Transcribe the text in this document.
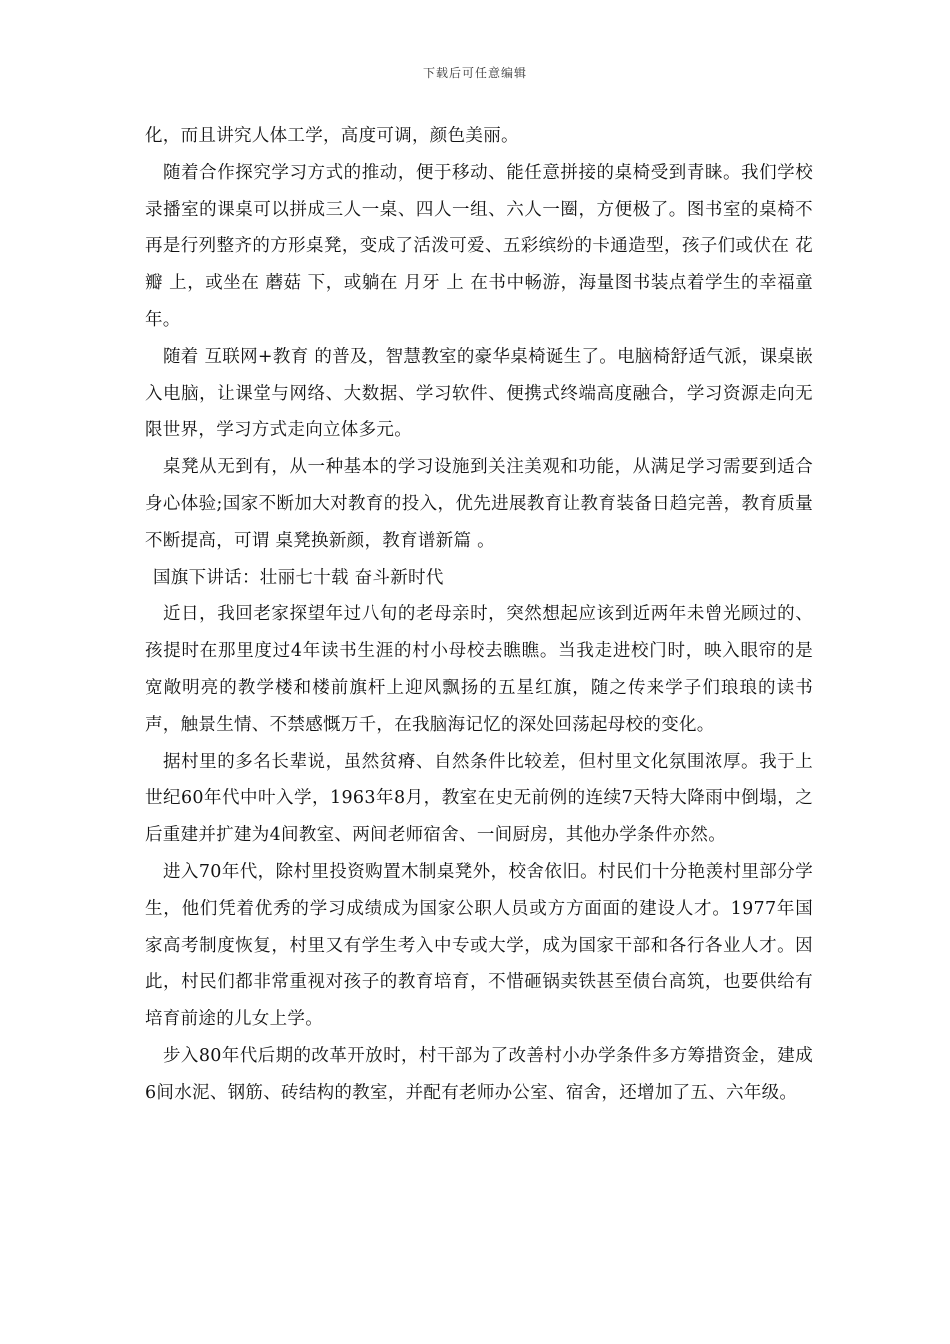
下载后可任意编辑

化，而且讲究人体工学，高度可调，颜色美丽。

随着合作探究学习方式的推动，便于移动、能任意拼接的桌椅受到青睐。我们学校录播室的课桌可以拼成三人一桌、四人一组、六人一圈，方便极了。图书室的桌椅不再是行列整齐的方形桌凳，变成了活泼可爱、五彩缤纷的卡通造型，孩子们或伏在 花瓣 上，或坐在 蘑菇 下，或躺在 月牙 上 在书中畅游，海量图书装点着学生的幸福童年。

随着 互联网+教育 的普及，智慧教室的豪华桌椅诞生了。电脑椅舒适气派，课桌嵌入电脑，让课堂与网络、大数据、学习软件、便携式终端高度融合，学习资源走向无限世界，学习方式走向立体多元。

桌凳从无到有，从一种基本的学习设施到关注美观和功能，从满足学习需要到适合身心体验;国家不断加大对教育的投入，优先进展教育让教育装备日趋完善，教育质量不断提高，可谓 桌凳换新颜，教育谱新篇 。

国旗下讲话：壮丽七十载 奋斗新时代

近日，我回老家探望年过八旬的老母亲时，突然想起应该到近两年未曾光顾过的、孩提时在那里度过4年读书生涯的村小母校去瞧瞧。当我走进校门时，映入眼帘的是宽敞明亮的教学楼和楼前旗杆上迎风飘扬的五星红旗，随之传来学子们琅琅的读书声，触景生情、不禁感慨万千，在我脑海记忆的深处回荡起母校的变化。

据村里的多名长辈说，虽然贫瘠、自然条件比较差，但村里文化氛围浓厚。我于上世纪60年代中叶入学，1963年8月，教室在史无前例的连续7天特大降雨中倒塌，之后重建并扩建为4间教室、两间老师宿舍、一间厨房，其他办学条件亦然。

进入70年代，除村里投资购置木制桌凳外，校舍依旧。村民们十分艳羡村里部分学生，他们凭着优秀的学习成绩成为国家公职人员或方方面面的建设人才。1977年国家高考制度恢复，村里又有学生考入中专或大学，成为国家干部和各行各业人才。因此，村民们都非常重视对孩子的教育培育，不惜砸锅卖铁甚至债台高筑，也要供给有培育前途的儿女上学。

步入80年代后期的改革开放时，村干部为了改善村小办学条件多方筹措资金，建成6间水泥、钢筋、砖结构的教室，并配有老师办公室、宿舍，还增加了五、六年级。
